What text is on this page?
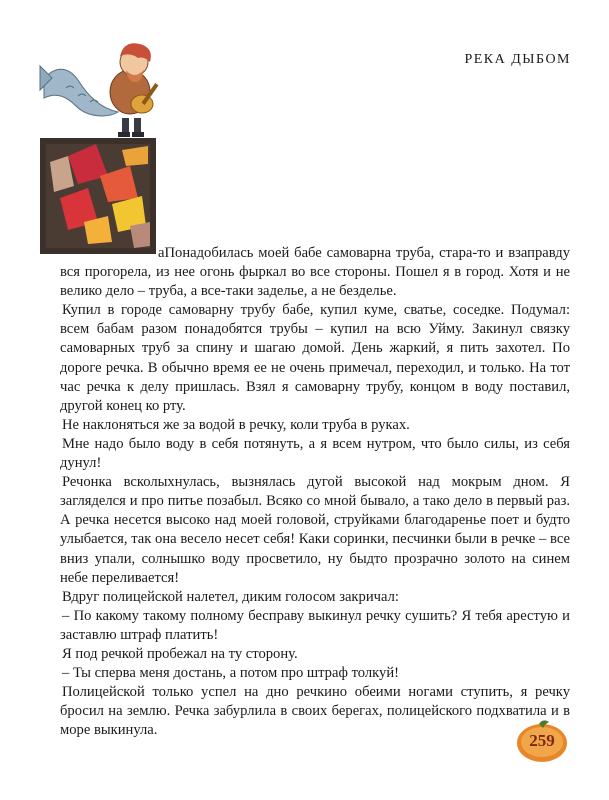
РЕКА ДЫБОМ

аПонадобилась моей бабе самоварна труба, стара-то и взаправду вся прогорела, из нее огонь фыркал во все стороны. Пошел я в город. Хотя и не велико дело – труба, а все-таки заделье, а не безделье.

Купил в городе самоварну трубу бабе, купил куме, сватье, соседке. Подумал: всем бабам разом понадобятся трубы – купил на всю Уйму. Закинул связку самоварных труб за спину и шагаю домой. День жаркий, я пить захотел. По дороге речка. В обычно время ее не очень примечал, переходил, и только. На тот час речка к делу пришлась. Взял я самоварну трубу, концом в воду поставил, другой конец ко рту.

Не наклоняться же за водой в речку, коли труба в руках.

Мне надо было воду в себя потянуть, а я всем нутром, что было силы, из себя дунул!

Речонка всколыхнулась, вызнялась дугой высокой над мокрым дном. Я загляделся и про питье позабыл. Всяко со мной бывало, а тако дело в первый раз. А речка несется высоко над моей головой, струйками благодаренье поет и будто улыбается, так она весело несет себя! Каки соринки, песчинки были в речке – все вниз упали, солнышко воду просветило, ну быдто прозрачно золото на синем небе переливается!

Вдруг полицейской налетел, диким голосом закричал:

– По какому такому полному бесправу выкинул речку сушить? Я тебя арестую и заставлю штраф платить!

Я под речкой пробежал на ту сторону.

– Ты сперва меня достань, а потом про штраф толкуй!

Полицейской только успел на дно речкино обеими ногами ступить, я речку бросил на землю. Речка забурлила в своих берегах, полицейского подхватила и в море выкинула.

259
